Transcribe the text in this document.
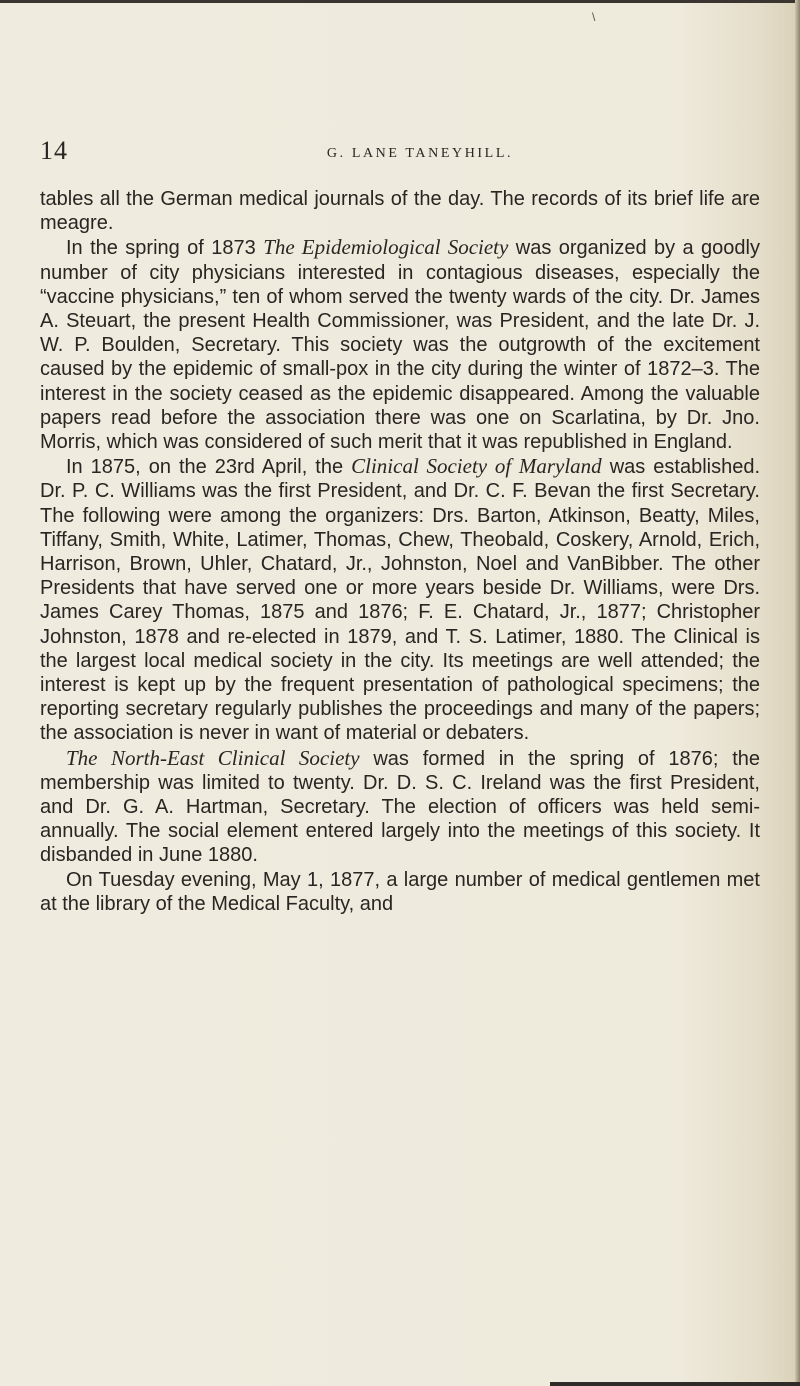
\
14	G. LANE TANEYHILL.

tables all the German medical journals of the day. The records of its brief life are meagre.

In the spring of 1873 The Epidemiological Society was organized by a goodly number of city physicians interested in contagious diseases, especially the “vaccine physicians,” ten of whom served the twenty wards of the city. Dr. James A. Steuart, the present Health Commissioner, was President, and the late Dr. J. W. P. Boulden, Secretary. This society was the outgrowth of the excitement caused by the epidemic of small-pox in the city during the winter of 1872–3. The interest in the society ceased as the epidemic disappeared. Among the valuable papers read before the association there was one on Scarlatina, by Dr. Jno. Morris, which was considered of such merit that it was republished in England.

In 1875, on the 23rd April, the Clinical Society of Maryland was established. Dr. P. C. Williams was the first President, and Dr. C. F. Bevan the first Secretary. The following were among the organizers: Drs. Barton, Atkinson, Beatty, Miles, Tiffany, Smith, White, Latimer, Thomas, Chew, Theobald, Coskery, Arnold, Erich, Harrison, Brown, Uhler, Chatard, Jr., Johnston, Noel and VanBibber. The other Presidents that have served one or more years beside Dr. Williams, were Drs. James Carey Thomas, 1875 and 1876; F. E. Chatard, Jr., 1877; Christopher Johnston, 1878 and re-elected in 1879, and T. S. Latimer, 1880. The Clinical is the largest local medical society in the city. Its meetings are well attended; the interest is kept up by the frequent presentation of pathological specimens; the reporting secretary regularly publishes the proceedings and many of the papers; the association is never in want of material or debaters.

The North-East Clinical Society was formed in the spring of 1876; the membership was limited to twenty. Dr. D. S. C. Ireland was the first President, and Dr. G. A. Hartman, Secretary. The election of officers was held semi-annually. The social element entered largely into the meetings of this society. It disbanded in June 1880.

On Tuesday evening, May 1, 1877, a large number of medical gentlemen met at the library of the Medical Faculty, and
